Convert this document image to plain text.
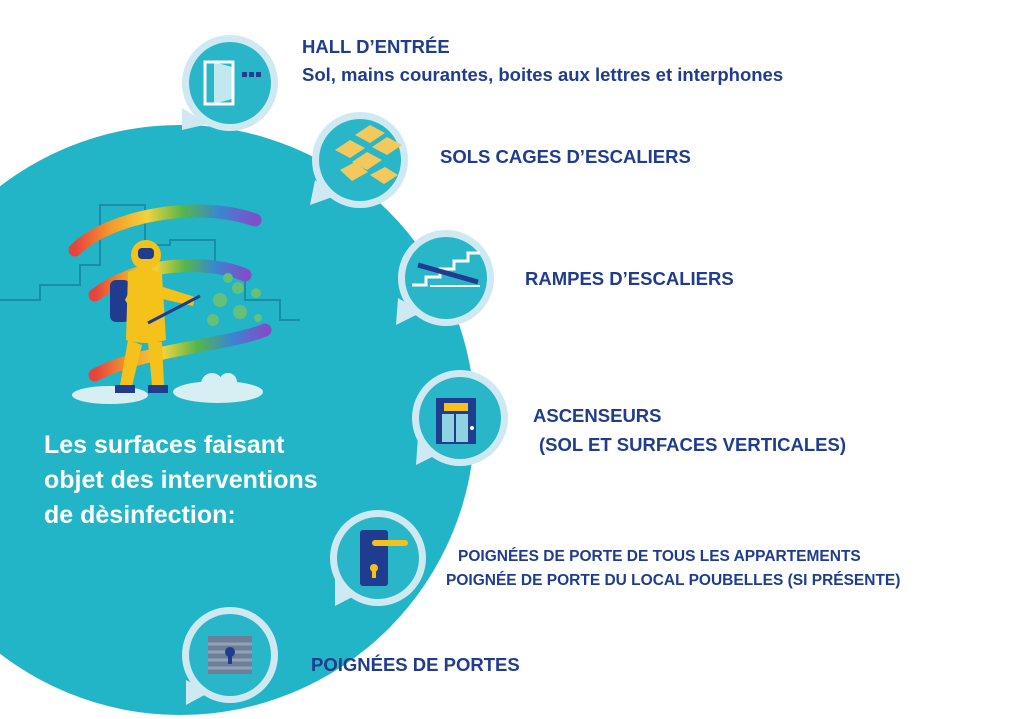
Les surfaces faisant
objet des interventions
de dèsinfection:
HALL D’ENTRÉE
Sol, mains courantes, boites aux lettres et interphones
SOLS CAGES D’ESCALIERS
RAMPES D’ESCALIERS
ASCENSEURS
(SOL ET SURFACES VERTICALES)
POIGNÉES DE PORTE DE TOUS LES APPARTEMENTS
POIGNÉE DE PORTE DU LOCAL POUBELLES (SI PRÉSENTE)
POIGNÉES DE PORTES
